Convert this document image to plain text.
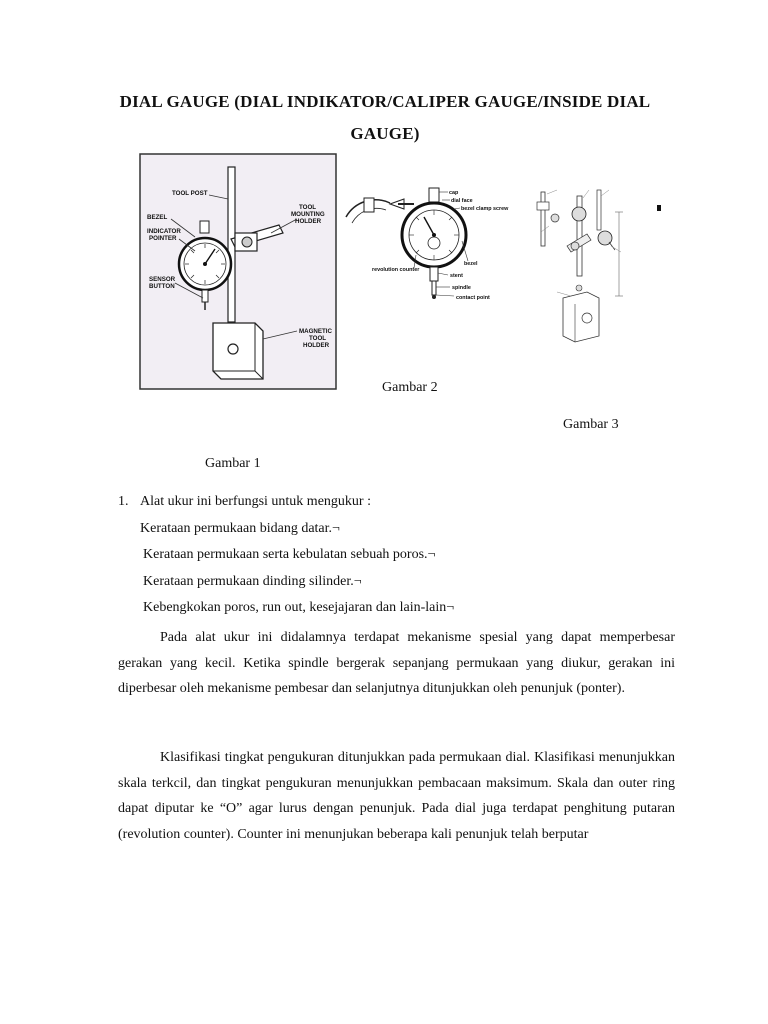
DIAL GAUGE (DIAL INDIKATOR/CALIPER GAUGE/INSIDE DIAL GAUGE)
TOOL POST
BEZEL
INDICATOR
POINTER
SENSOR
BUTTON
TOOL
MOUNTING
HOLDER
MAGNETIC
TOOL
HOLDER
cap
dial face
bezel clamp screw
bezel
revolution counter
stent
spindle
contact point
Gambar 2
Gambar 3
Gambar 1
1. Alat ukur ini berfungsi untuk mengukur :
Kerataan permukaan bidang datar.¬
Kerataan permukaan serta kebulatan sebuah poros.¬
Kerataan permukaan dinding silinder.¬
Kebengkokan poros, run out, kesejajaran dan lain-lain¬

Pada alat ukur ini didalamnya terdapat mekanisme spesial yang dapat memperbesar gerakan yang kecil. Ketika spindle bergerak sepanjang permukaan yang diukur, gerakan ini diperbesar oleh mekanisme pembesar dan selanjutnya ditunjukkan oleh penunjuk (ponter).

Klasifikasi tingkat pengukuran ditunjukkan pada permukaan dial. Klasifikasi menunjukkan skala terkcil, dan tingkat pengukuran menunjukkan pembacaan maksimum. Skala dan outer ring dapat diputar ke “O” agar lurus dengan penunjuk. Pada dial juga terdapat penghitung putaran (revolution counter). Counter ini menunjukan beberapa kali penunjuk telah berputar
